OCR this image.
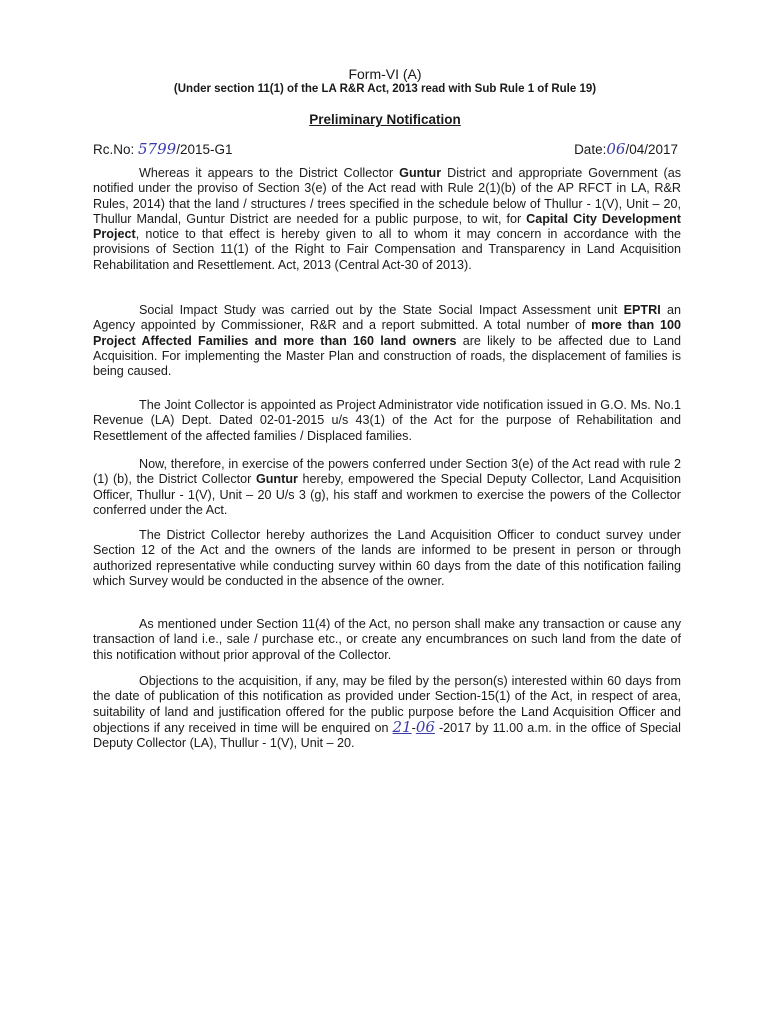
Form-VI (A)
(Under section 11(1) of the LA R&R Act, 2013 read with Sub Rule 1 of Rule 19)
Preliminary Notification
Rc.No: 5799/2015-G1	Date:06/04/2017

Whereas it appears to the District Collector Guntur District and appropriate Government (as notified under the proviso of Section 3(e) of the Act read with Rule 2(1)(b) of the AP RFCT in LA, R&R Rules, 2014) that the land / structures / trees specified in the schedule below of Thullur - 1(V), Unit – 20, Thullur Mandal, Guntur District are needed for a public purpose, to wit, for Capital City Development Project, notice to that effect is hereby given to all to whom it may concern in accordance with the provisions of Section 11(1) of the Right to Fair Compensation and Transparency in Land Acquisition Rehabilitation and Resettlement. Act, 2013 (Central Act-30 of 2013).

Social Impact Study was carried out by the State Social Impact Assessment unit EPTRI an Agency appointed by Commissioner, R&R and a report submitted. A total number of more than 100 Project Affected Families and more than 160 land owners are likely to be affected due to Land Acquisition. For implementing the Master Plan and construction of roads, the displacement of families is being caused.

The Joint Collector is appointed as Project Administrator vide notification issued in G.O. Ms. No.1 Revenue (LA) Dept. Dated 02-01-2015 u/s 43(1) of the Act for the purpose of Rehabilitation and Resettlement of the affected families / Displaced families.

Now, therefore, in exercise of the powers conferred under Section 3(e) of the Act read with rule 2 (1) (b), the District Collector Guntur hereby, empowered the Special Deputy Collector, Land Acquisition Officer, Thullur - 1(V), Unit – 20 U/s 3 (g), his staff and workmen to exercise the powers of the Collector conferred under the Act.

The District Collector hereby authorizes the Land Acquisition Officer to conduct survey under Section 12 of the Act and the owners of the lands are informed to be present in person or through authorized representative while conducting survey within 60 days from the date of this notification failing which Survey would be conducted in the absence of the owner.

As mentioned under Section 11(4) of the Act, no person shall make any transaction or cause any transaction of land i.e., sale / purchase etc., or create any encumbrances on such land from the date of this notification without prior approval of the Collector.

Objections to the acquisition, if any, may be filed by the person(s) interested within 60 days from the date of publication of this notification as provided under Section-15(1) of the Act, in respect of area, suitability of land and justification offered for the public purpose before the Land Acquisition Officer and objections if any received in time will be enquired on 21-06 -2017 by 11.00 a.m. in the office of Special Deputy Collector (LA), Thullur - 1(V), Unit – 20.
